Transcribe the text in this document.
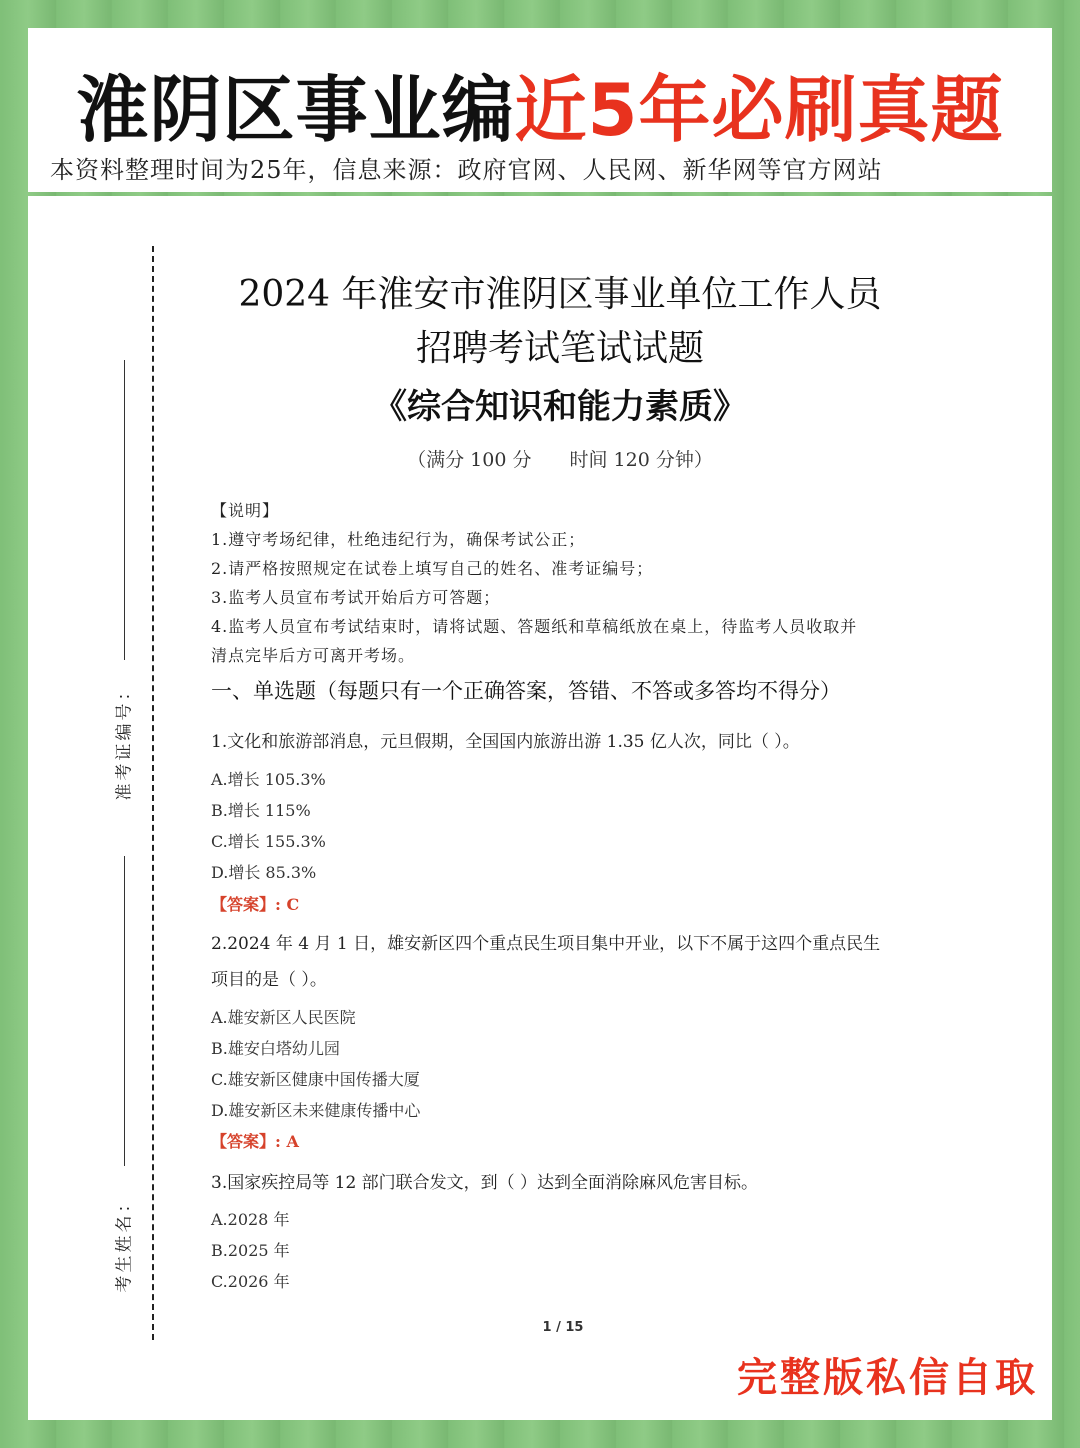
淮阴区事业编近5年必刷真题
本资料整理时间为25年，信息来源：政府官网、人民网、新华网等官方网站
准考证编号：
考生姓名：
2024 年淮安市淮阴区事业单位工作人员
招聘考试笔试试题
《综合知识和能力素质》
（满分 100 分　　时间 120 分钟）
【说明】
1.遵守考场纪律，杜绝违纪行为，确保考试公正；
2.请严格按照规定在试卷上填写自己的姓名、准考证编号；
3.监考人员宣布考试开始后方可答题；
4.监考人员宣布考试结束时，请将试题、答题纸和草稿纸放在桌上，待监考人员收取并
清点完毕后方可离开考场。
一、单选题（每题只有一个正确答案，答错、不答或多答均不得分）
1.文化和旅游部消息，元旦假期，全国国内旅游出游 1.35 亿人次，同比（ ）。
A.增长 105.3%
B.增长 115%
C.增长 155.3%
D.增长 85.3%
【答案】: C
2.2024 年 4 月 1 日，雄安新区四个重点民生项目集中开业，以下不属于这四个重点民生
项目的是（ ）。
A.雄安新区人民医院
B.雄安白塔幼儿园
C.雄安新区健康中国传播大厦
D.雄安新区未来健康传播中心
【答案】: A
3.国家疾控局等 12 部门联合发文，到（ ）达到全面消除麻风危害目标。
A.2028 年
B.2025 年
C.2026 年
1 / 15
完整版私信自取
